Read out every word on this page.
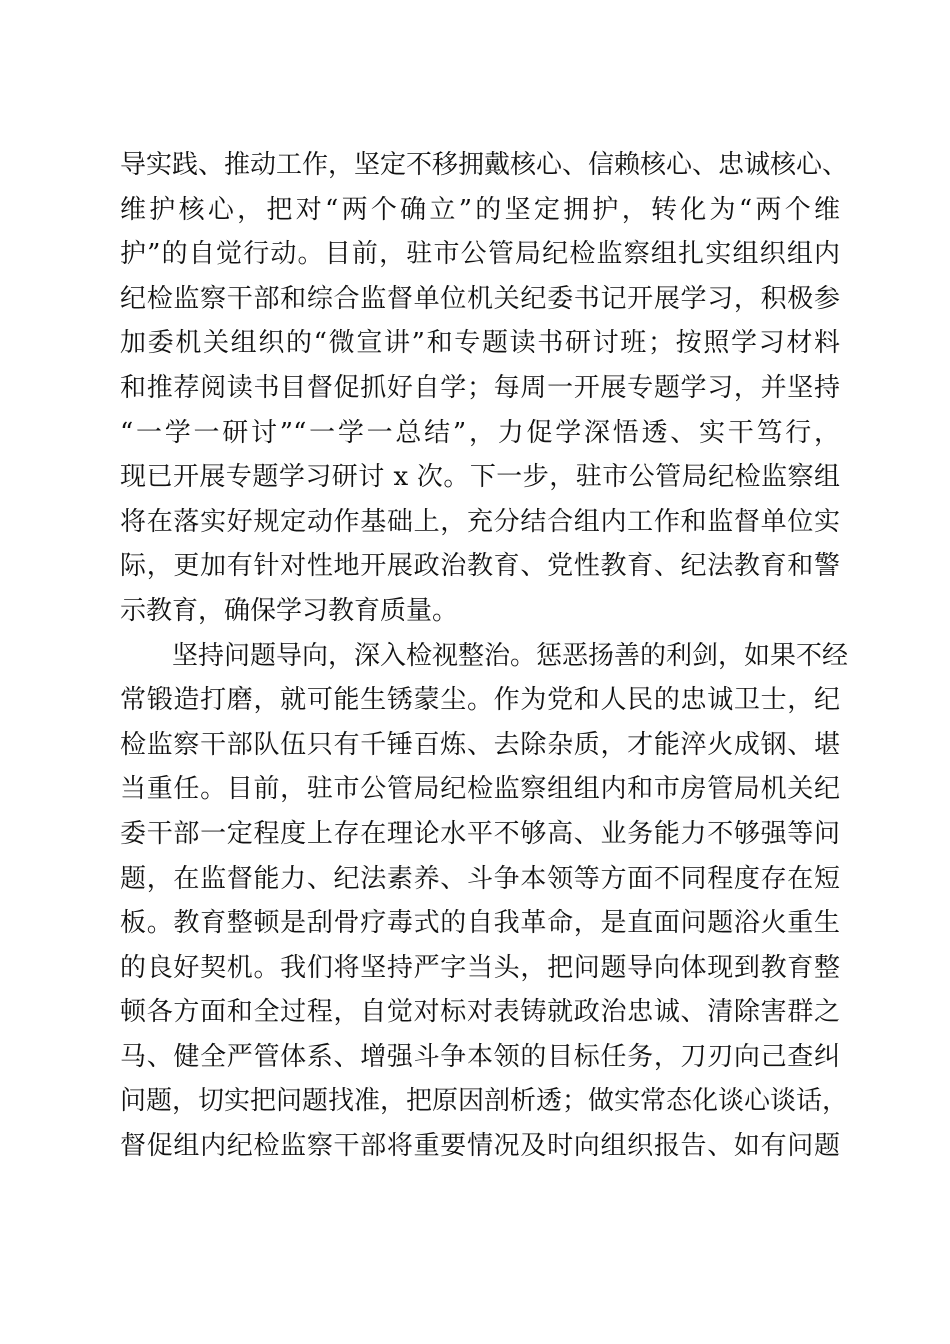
导实践、推动工作，坚定不移拥戴核心、信赖核心、忠诚核心、
维护核心，把对“两个确立”的坚定拥护，转化为“两个维
护”的自觉行动。目前，驻市公管局纪检监察组扎实组织组内
纪检监察干部和综合监督单位机关纪委书记开展学习，积极参
加委机关组织的“微宣讲”和专题读书研讨班；按照学习材料
和推荐阅读书目督促抓好自学；每周一开展专题学习，并坚持
“一学一研讨”“一学一总结”，力促学深悟透、实干笃行，
现已开展专题学习研讨 x 次。下一步，驻市公管局纪检监察组
将在落实好规定动作基础上，充分结合组内工作和监督单位实
际，更加有针对性地开展政治教育、党性教育、纪法教育和警
示教育，确保学习教育质量。
坚持问题导向，深入检视整治。惩恶扬善的利剑，如果不经
常锻造打磨，就可能生锈蒙尘。作为党和人民的忠诚卫士，纪
检监察干部队伍只有千锤百炼、去除杂质，才能淬火成钢、堪
当重任。目前，驻市公管局纪检监察组组内和市房管局机关纪
委干部一定程度上存在理论水平不够高、业务能力不够强等问
题，在监督能力、纪法素养、斗争本领等方面不同程度存在短
板。教育整顿是刮骨疗毒式的自我革命，是直面问题浴火重生
的良好契机。我们将坚持严字当头，把问题导向体现到教育整
顿各方面和全过程，自觉对标对表铸就政治忠诚、清除害群之
马、健全严管体系、增强斗争本领的目标任务，刀刃向己查纠
问题，切实把问题找准，把原因剖析透；做实常态化谈心谈话，
督促组内纪检监察干部将重要情况及时向组织报告、如有问题
